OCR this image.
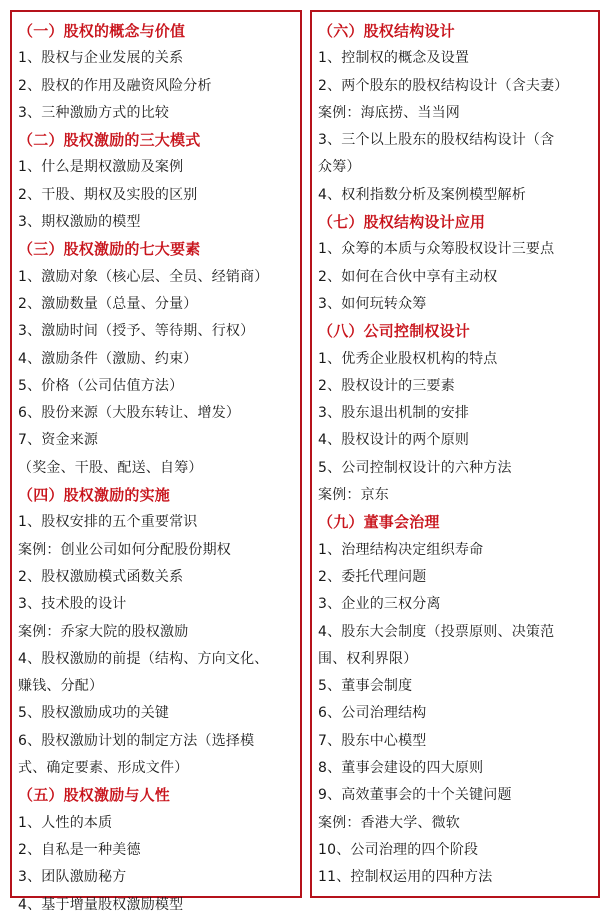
（一）股权的概念与价值
1、股权与企业发展的关系
2、股权的作用及融资风险分析
3、三种激励方式的比较
（二）股权激励的三大模式
1、什么是期权激励及案例
2、干股、期权及实股的区别
3、期权激励的模型
（三）股权激励的七大要素
1、激励对象（核心层、全员、经销商）
2、激励数量（总量、分量）
3、激励时间（授予、等待期、行权）
4、激励条件（激励、约束）
5、价格（公司估值方法）
6、股份来源（大股东转让、增发）
7、资金来源
（奖金、干股、配送、自筹）
（四）股权激励的实施
1、股权安排的五个重要常识
案例：创业公司如何分配股份期权
2、股权激励模式函数关系
3、技术股的设计
案例：乔家大院的股权激励
4、股权激励的前提（结构、方向文化、
赚钱、分配）
5、股权激励成功的关键
6、股权激励计划的制定方法（选择模
式、确定要素、形成文件）
（五）股权激励与人性
1、人性的本质
2、自私是一种美德
3、团队激励秘方
4、基于增量股权激励模型
（六）股权结构设计
1、控制权的概念及设置
2、两个股东的股权结构设计（含夫妻）
案例：海底捞、当当网
3、三个以上股东的股权结构设计（含
众筹）
4、权利指数分析及案例模型解析
（七）股权结构设计应用
1、众筹的本质与众筹股权设计三要点
2、如何在合伙中享有主动权
3、如何玩转众筹
（八）公司控制权设计
1、优秀企业股权机构的特点
2、股权设计的三要素
3、股东退出机制的安排
4、股权设计的两个原则
5、公司控制权设计的六种方法
案例：京东
（九）董事会治理
1、治理结构决定组织寿命
2、委托代理问题
3、企业的三权分离
4、股东大会制度（投票原则、决策范
围、权利界限）
5、董事会制度
6、公司治理结构
7、股东中心模型
8、董事会建设的四大原则
9、高效董事会的十个关键问题
案例：香港大学、微软
10、公司治理的四个阶段
11、控制权运用的四种方法
